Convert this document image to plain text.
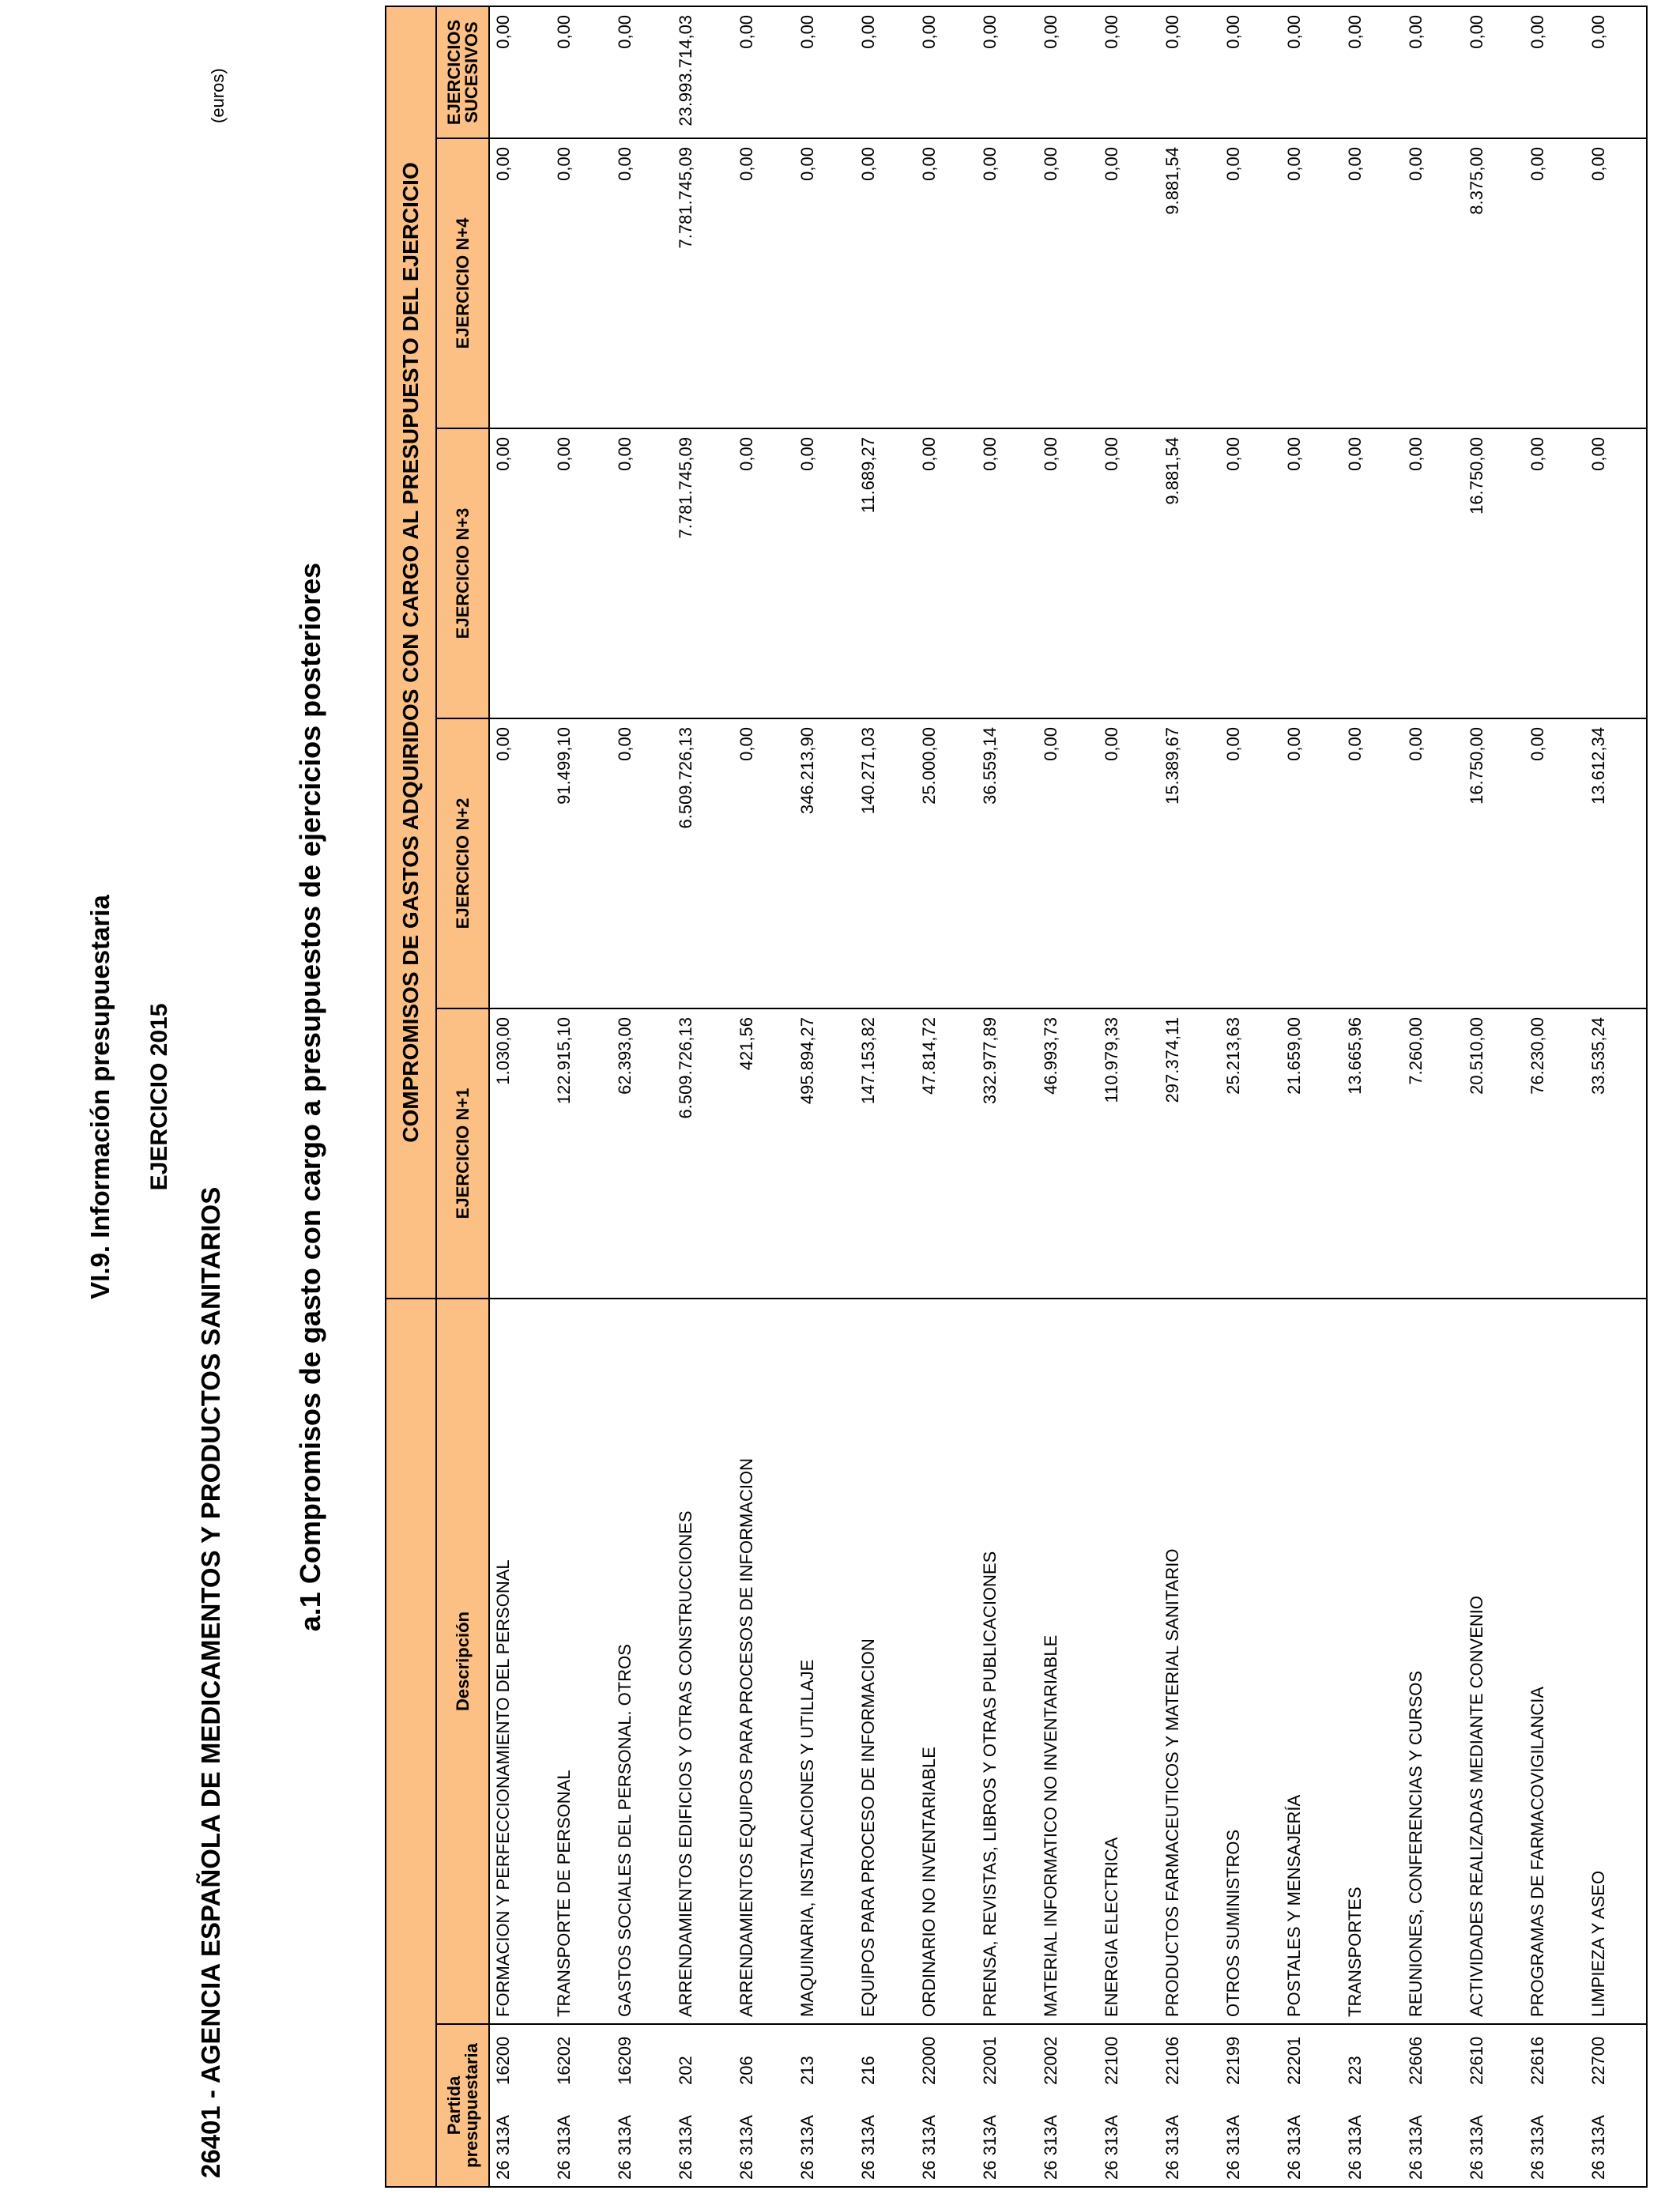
VI.9. Información presupuestaria EJERCICIO 2015
26401 - AGENCIA ESPAÑOLA DE MEDICAMENTOS Y PRODUCTOS SANITARIOS
a.1 Compromisos de gasto con cargo a presupuestos de ejercicios posteriores
(euros)
		COMPROMISOS DE GASTOS ADQUIRIDOS CON CARGO AL PRESUPUESTO DEL EJERCICIO				
Partida presupuestaria	Descripción	EJERCICIO N+1	EJERCICIO N+2	EJERCICIO N+3	EJERCICIO N+4	EJERCICIOS SUCESIVOS
26 313A16200	FORMACION Y PERFECCIONAMIENTO DEL PERSONAL	1.030,00	0,00	0,00	0,00	0,00
26 313A16202	TRANSPORTE DE PERSONAL	122.915,10	91.499,10	0,00	0,00	0,00
26 313A16209	GASTOS SOCIALES DEL PERSONAL. OTROS	62.393,00	0,00	0,00	0,00	0,00
26 313A202	ARRENDAMIENTOS EDIFICIOS Y OTRAS CONSTRUCCIONES	6.509.726,13	6.509.726,13	7.781.745,09	7.781.745,09	23.993.714,03
26 313A206	ARRENDAMIENTOS EQUIPOS PARA PROCESOS DE INFORMACION	421,56	0,00	0,00	0,00	0,00
26 313A213	MAQUINARIA, INSTALACIONES Y UTILLAJE	495.894,27	346.213,90	0,00	0,00	0,00
26 313A216	EQUIPOS PARA PROCESO DE INFORMACION	147.153,82	140.271,03	11.689,27	0,00	0,00
26 313A22000	ORDINARIO NO INVENTARIABLE	47.814,72	25.000,00	0,00	0,00	0,00
26 313A22001	PRENSA, REVISTAS, LIBROS Y OTRAS PUBLICACIONES	332.977,89	36.559,14	0,00	0,00	0,00
26 313A22002	MATERIAL INFORMATICO NO INVENTARIABLE	46.993,73	0,00	0,00	0,00	0,00
26 313A22100	ENERGIA ELECTRICA	110.979,33	0,00	0,00	0,00	0,00
26 313A22106	PRODUCTOS FARMACEUTICOS Y MATERIAL SANITARIO	297.374,11	15.389,67	9.881,54	9.881,54	0,00
26 313A22199	OTROS SUMINISTROS	25.213,63	0,00	0,00	0,00	0,00
26 313A22201	POSTALES Y MENSAJERÍA	21.659,00	0,00	0,00	0,00	0,00
26 313A223	TRANSPORTES	13.665,96	0,00	0,00	0,00	0,00
26 313A22606	REUNIONES, CONFERENCIAS Y CURSOS	7.260,00	0,00	0,00	0,00	0,00
26 313A22610	ACTIVIDADES REALIZADAS MEDIANTE CONVENIO	20.510,00	16.750,00	16.750,00	8.375,00	0,00
26 313A22616	PROGRAMAS DE FARMACOVIGILANCIA	76.230,00	0,00	0,00	0,00	0,00
26 313A22700	LIMPIEZA Y ASEO	33.535,24	13.612,34	0,00	0,00	0,00
